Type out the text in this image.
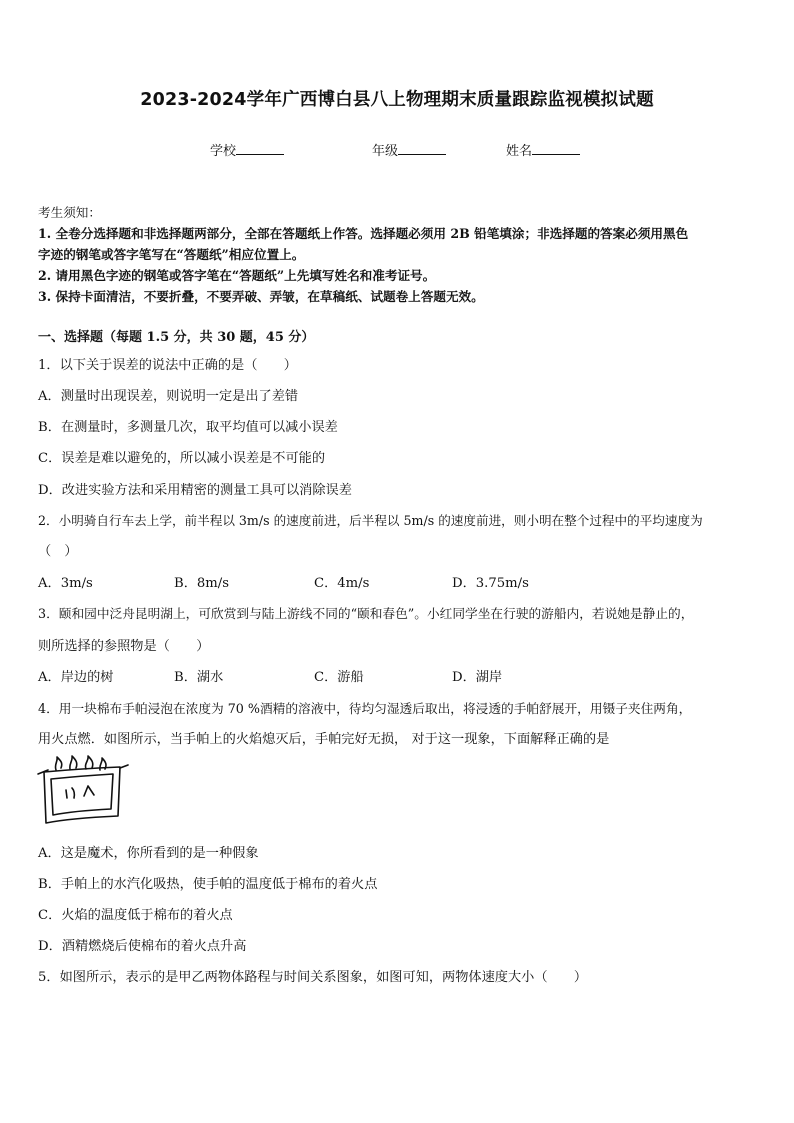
2023-2024学年广西博白县八上物理期末质量跟踪监视模拟试题
学校	年级	姓名
考生须知：
1. 全卷分选择题和非选择题两部分，全部在答题纸上作答。选择题必须用 2B 铅笔填涂；非选择题的答案必须用黑色
字迹的钢笔或答字笔写在“答题纸”相应位置上。
2. 请用黑色字迹的钢笔或答字笔在“答题纸”上先填写姓名和准考证号。
3. 保持卡面清洁，不要折叠，不要弄破、弄皱，在草稿纸、试题卷上答题无效。
一、选择题（每题 1.5 分，共 30 题，45 分）
1．以下关于误差的说法中正确的是（　　）
A．测量时出现误差，则说明一定是出了差错
B．在测量时，多测量几次，取平均值可以减小误差
C．误差是难以避免的，所以减小误差是不可能的
D．改进实验方法和采用精密的测量工具可以消除误差
2．小明骑自行车去上学，前半程以 3m/s 的速度前进，后半程以 5m/s 的速度前进，则小明在整个过程中的平均速度为
（　）
A．3m/s	B．8m/s	C．4m/s	D．3.75m/s
3．颐和园中泛舟昆明湖上，可欣赏到与陆上游线不同的“颐和春色”。小红同学坐在行驶的游船内，若说她是静止的，
则所选择的参照物是（　　）
A．岸边的树	B．湖水	C．游船	D．湖岸
4．用一块棉布手帕浸泡在浓度为 70 %酒精的溶液中，待均匀湿透后取出，将浸透的手帕舒展开，用镊子夹住两角，
用火点燃．如图所示，当手帕上的火焰熄灭后，手帕完好无损， 对于这一现象，下面解释正确的是
A．这是魔术，你所看到的是一种假象
B．手帕上的水汽化吸热，使手帕的温度低于棉布的着火点
C．火焰的温度低于棉布的着火点
D．酒精燃烧后使棉布的着火点升高
5．如图所示，表示的是甲乙两物体路程与时间关系图象，如图可知，两物体速度大小（　　）
